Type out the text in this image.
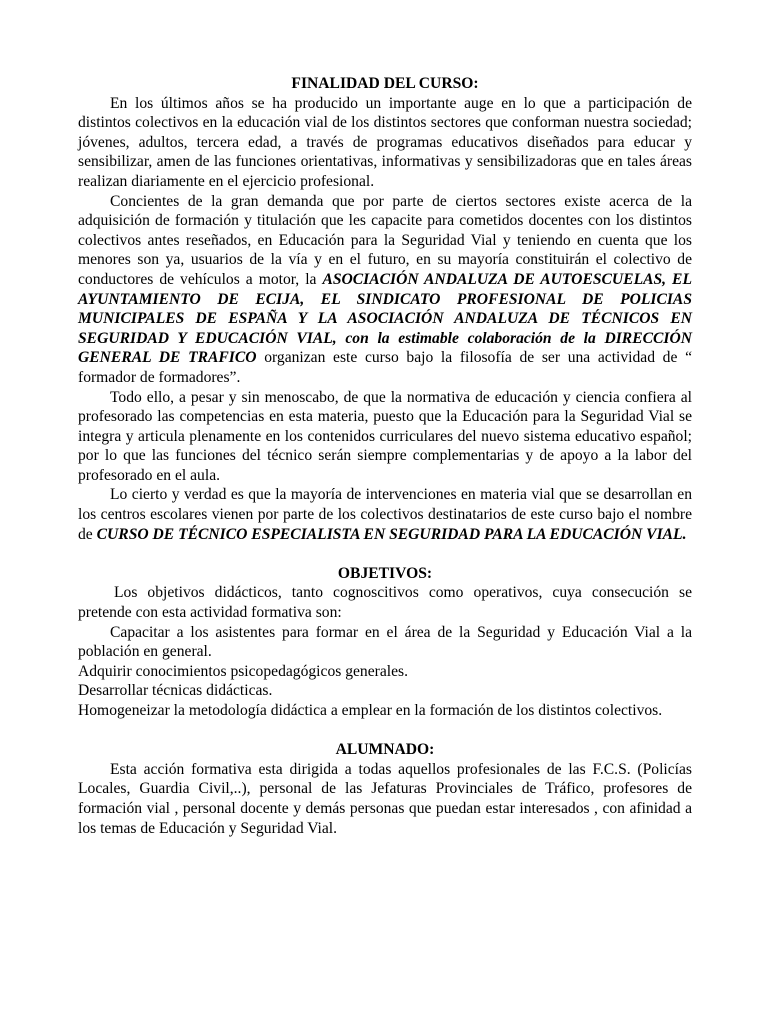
FINALIDAD DEL CURSO:

En los últimos años se ha producido un importante auge en lo que a participación de distintos colectivos en la educación vial de los distintos sectores que conforman nuestra sociedad; jóvenes, adultos, tercera edad, a través de programas educativos diseñados para educar y sensibilizar, amen de las funciones orientativas, informativas y sensibilizadoras que en tales áreas realizan diariamente en el ejercicio profesional.

Concientes de la gran demanda que por parte de ciertos sectores existe acerca de la adquisición de formación y titulación que les capacite para cometidos docentes con los distintos colectivos antes reseñados, en Educación para la Seguridad Vial y teniendo en cuenta que los menores son ya, usuarios de la vía y en el futuro, en su mayoría constituirán el colectivo de conductores de vehículos a motor, la ASOCIACIÓN ANDALUZA DE AUTOESCUELAS, EL AYUNTAMIENTO DE ECIJA, EL SINDICATO PROFESIONAL DE POLICIAS MUNICIPALES DE ESPAÑA Y LA ASOCIACIÓN ANDALUZA DE TÉCNICOS EN SEGURIDAD Y EDUCACIÓN VIAL, con la estimable colaboración de la DIRECCIÓN GENERAL DE TRAFICO organizan este curso bajo la filosofía de ser una actividad de “ formador de formadores”.

Todo ello, a pesar y sin menoscabo, de que la normativa de educación y ciencia confiera al profesorado las competencias en esta materia, puesto que la Educación para la Seguridad Vial se integra y articula plenamente en los contenidos curriculares del nuevo sistema educativo español; por lo que las funciones del técnico serán siempre complementarias y de apoyo a la labor del profesorado en el aula.

Lo cierto y verdad es que la mayoría de intervenciones en materia vial que se desarrollan en los centros escolares vienen por parte de los colectivos destinatarios de este curso bajo el nombre de CURSO DE TÉCNICO ESPECIALISTA EN SEGURIDAD PARA LA EDUCACIÓN VIAL.

OBJETIVOS:

Los objetivos didácticos, tanto cognoscitivos como operativos, cuya consecución se pretende con esta actividad formativa son:

Capacitar a los asistentes para formar en el área de la Seguridad y Educación Vial a la población en general.

Adquirir conocimientos psicopedagógicos generales.

Desarrollar técnicas didácticas.

Homogeneizar la metodología didáctica a emplear en la formación de los distintos colectivos.

ALUMNADO:

Esta acción formativa esta dirigida a todas aquellos profesionales de las F.C.S. (Policías Locales, Guardia Civil,..), personal de las Jefaturas Provinciales de Tráfico, profesores de formación vial , personal docente y demás personas que puedan estar interesados , con afinidad a los temas de Educación y Seguridad Vial.
